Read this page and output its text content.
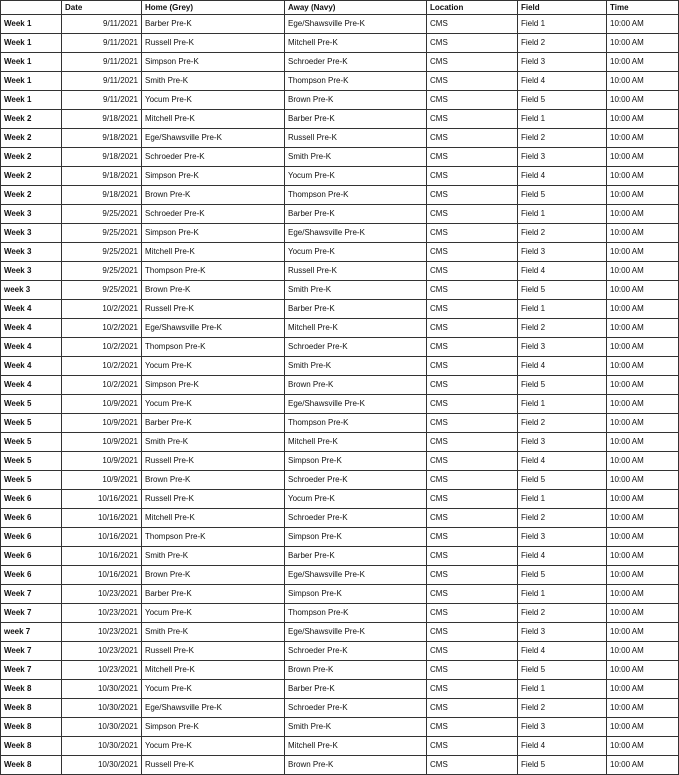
	Date	Home (Grey)	Away (Navy)	Location	Field	Time
Week 1	9/11/2021	Barber Pre-K	Ege/Shawsville Pre-K	CMS	Field 1	10:00 AM
Week 1	9/11/2021	Russell Pre-K	Mitchell Pre-K	CMS	Field 2	10:00 AM
Week 1	9/11/2021	Simpson Pre-K	Schroeder Pre-K	CMS	Field 3	10:00 AM
Week 1	9/11/2021	Smith Pre-K	Thompson Pre-K	CMS	Field 4	10:00 AM
Week 1	9/11/2021	Yocum Pre-K	Brown Pre-K	CMS	Field 5	10:00 AM
Week 2	9/18/2021	Mitchell Pre-K	Barber Pre-K	CMS	Field 1	10:00 AM
Week 2	9/18/2021	Ege/Shawsville Pre-K	Russell Pre-K	CMS	Field 2	10:00 AM
Week 2	9/18/2021	Schroeder Pre-K	Smith Pre-K	CMS	Field 3	10:00 AM
Week 2	9/18/2021	Simpson Pre-K	Yocum Pre-K	CMS	Field 4	10:00 AM
Week 2	9/18/2021	Brown Pre-K	Thompson Pre-K	CMS	Field 5	10:00 AM
Week 3	9/25/2021	Schroeder Pre-K	Barber Pre-K	CMS	Field 1	10:00 AM
Week 3	9/25/2021	Simpson Pre-K	Ege/Shawsville Pre-K	CMS	Field 2	10:00 AM
Week 3	9/25/2021	Mitchell Pre-K	Yocum Pre-K	CMS	Field 3	10:00 AM
Week 3	9/25/2021	Thompson Pre-K	Russell Pre-K	CMS	Field 4	10:00 AM
week 3	9/25/2021	Brown Pre-K	Smith Pre-K	CMS	Field 5	10:00 AM
Week 4	10/2/2021	Russell Pre-K	Barber Pre-K	CMS	Field 1	10:00 AM
Week 4	10/2/2021	Ege/Shawsville Pre-K	Mitchell Pre-K	CMS	Field 2	10:00 AM
Week 4	10/2/2021	Thompson Pre-K	Schroeder Pre-K	CMS	Field 3	10:00 AM
Week 4	10/2/2021	Yocum Pre-K	Smith Pre-K	CMS	Field 4	10:00 AM
Week 4	10/2/2021	Simpson Pre-K	Brown Pre-K	CMS	Field 5	10:00 AM
Week 5	10/9/2021	Yocum Pre-K	Ege/Shawsville Pre-K	CMS	Field 1	10:00 AM
Week 5	10/9/2021	Barber Pre-K	Thompson Pre-K	CMS	Field 2	10:00 AM
Week 5	10/9/2021	Smith Pre-K	Mitchell Pre-K	CMS	Field 3	10:00 AM
Week 5	10/9/2021	Russell Pre-K	Simpson Pre-K	CMS	Field 4	10:00 AM
Week 5	10/9/2021	Brown Pre-K	Schroeder Pre-K	CMS	Field 5	10:00 AM
Week 6	10/16/2021	Russell Pre-K	Yocum Pre-K	CMS	Field 1	10:00 AM
Week 6	10/16/2021	Mitchell Pre-K	Schroeder Pre-K	CMS	Field 2	10:00 AM
Week 6	10/16/2021	Thompson Pre-K	Simpson Pre-K	CMS	Field 3	10:00 AM
Week 6	10/16/2021	Smith Pre-K	Barber Pre-K	CMS	Field 4	10:00 AM
Week 6	10/16/2021	Brown Pre-K	Ege/Shawsville Pre-K	CMS	Field 5	10:00 AM
Week 7	10/23/2021	Barber Pre-K	Simpson Pre-K	CMS	Field 1	10:00 AM
Week 7	10/23/2021	Yocum Pre-K	Thompson Pre-K	CMS	Field 2	10:00 AM
week 7	10/23/2021	Smith Pre-K	Ege/Shawsville Pre-K	CMS	Field 3	10:00 AM
Week 7	10/23/2021	Russell Pre-K	Schroeder Pre-K	CMS	Field 4	10:00 AM
Week 7	10/23/2021	Mitchell Pre-K	Brown Pre-K	CMS	Field 5	10:00 AM
Week 8	10/30/2021	Yocum Pre-K	Barber Pre-K	CMS	Field 1	10:00 AM
Week 8	10/30/2021	Ege/Shawsville Pre-K	Schroeder Pre-K	CMS	Field 2	10:00 AM
Week 8	10/30/2021	Simpson Pre-K	Smith Pre-K	CMS	Field 3	10:00 AM
Week 8	10/30/2021	Yocum Pre-K	Mitchell Pre-K	CMS	Field 4	10:00 AM
Week 8	10/30/2021	Russell Pre-K	Brown Pre-K	CMS	Field 5	10:00 AM
